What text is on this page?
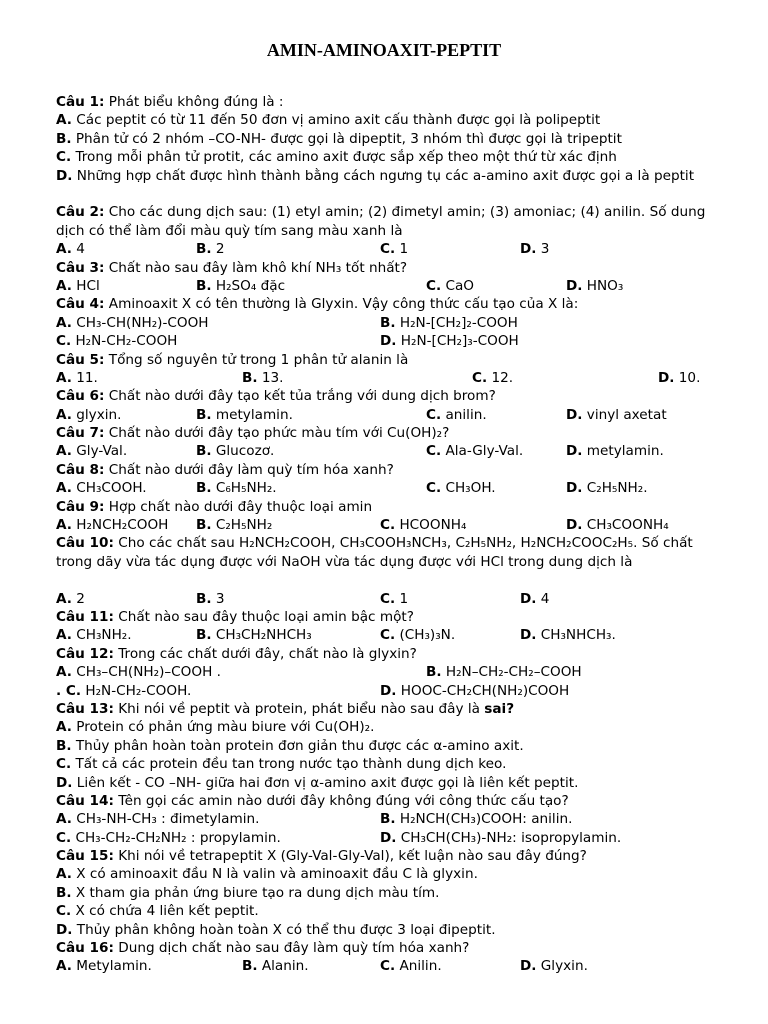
AMIN-AMINOAXIT-PEPTIT
Câu 1: Phát biểu không đúng là :
A. Các peptit có từ 11 đến 50 đơn vị amino axit cấu thành được gọi là polipeptit
B. Phân tử có 2 nhóm –CO-NH- được gọi là dipeptit, 3 nhóm thì được gọi là tripeptit
C. Trong mỗi phân tử protit, các amino axit được sắp xếp theo một thứ từ xác định
D. Những hợp chất được hình thành bằng cách ngưng tụ các a-amino axit được gọi a là peptit
Câu 2: Cho các dung dịch sau: (1) etyl amin; (2) đimetyl amin; (3) amoniac; (4) anilin. Số dung dịch có thể làm đổi màu quỳ tím sang màu xanh là
A. 4	B. 2	C. 1	D. 3
Câu 3: Chất nào sau đây làm khô khí NH₃ tốt nhất?
A. HCl	B. H₂SO₄ đặc	C. CaO	D. HNO₃
Câu 4: Aminoaxit X có tên thường là Glyxin. Vậy công thức cấu tạo của X là:
A. CH₃-CH(NH₂)-COOH	B. H₂N-[CH₂]₂-COOH
C. H₂N-CH₂-COOH	D. H₂N-[CH₂]₃-COOH
Câu 5: Tổng số nguyên tử trong 1 phân tử alanin là
A. 11.	B. 13.	C. 12.	D. 10.
Câu 6: Chất nào dưới đây tạo kết tủa trắng với dung dịch brom?
A. glyxin.	B. metylamin.	C. anilin.	D. vinyl axetat
Câu 7: Chất nào dưới đây tạo phức màu tím với Cu(OH)₂?
A. Gly-Val.	B. Glucozơ.	C. Ala-Gly-Val.	D. metylamin.
Câu 8: Chất nào dưới đây làm quỳ tím hóa xanh?
A. CH₃COOH.	B. C₆H₅NH₂.	C. CH₃OH.	D. C₂H₅NH₂.
Câu 9: Hợp chất nào dưới đây thuộc loại amin
A. H₂NCH₂COOH B. C₂H₅NH₂	C. HCOONH₄	D. CH₃COONH₄
Câu 10: Cho các chất sau H₂NCH₂COOH, CH₃COOH₃NCH₃, C₂H₅NH₂, H₂NCH₂COOC₂H₅. Số chất trong dãy vừa tác dụng được với NaOH vừa tác dụng được với HCl trong dung dịch là
A. 2	B. 3	C. 1	D. 4
Câu 11: Chất nào sau đây thuộc loại amin bậc một?
A. CH₃NH₂.	B. CH₃CH₂NHCH₃	C. (CH₃)₃N.	D. CH₃NHCH₃.
Câu 12: Trong các chất dưới đây, chất nào là glyxin?
A. CH₃–CH(NH₂)–COOH .	B. H₂N–CH₂-CH₂–COOH
. C. H₂N-CH₂-COOH.	D. HOOC-CH₂CH(NH₂)COOH
Câu 13: Khi nói về peptit và protein, phát biểu nào sau đây là sai?
A. Protein có phản ứng màu biure với Cu(OH)₂.
B. Thủy phân hoàn toàn protein đơn giản thu được các α-amino axit.
C. Tất cả các protein đều tan trong nước tạo thành dung dịch keo.
D. Liên kết - CO –NH- giữa hai đơn vị α-amino axit được gọi là liên kết peptit.
Câu 14: Tên gọi các amin nào dưới đây không đúng với công thức cấu tạo?
A. CH₃-NH-CH₃ : đimetylamin.	B. H₂NCH(CH₃)COOH: anilin.
C. CH₃-CH₂-CH₂NH₂ : propylamin.	D. CH₃CH(CH₃)-NH₂: isopropylamin.
Câu 15: Khi nói về tetrapeptit X (Gly-Val-Gly-Val), kết luận nào sau đây đúng?
A. X có aminoaxit đầu N là valin và aminoaxit đầu C là glyxin.
B. X tham gia phản ứng biure tạo ra dung dịch màu tím.
C. X có chứa 4 liên kết peptit.
D. Thủy phân không hoàn toàn X có thể thu được 3 loại đipeptit.
Câu 16: Dung dịch chất nào sau đây làm quỳ tím hóa xanh?
A. Metylamin.	B. Alanin.	C. Anilin.	D. Glyxin.
